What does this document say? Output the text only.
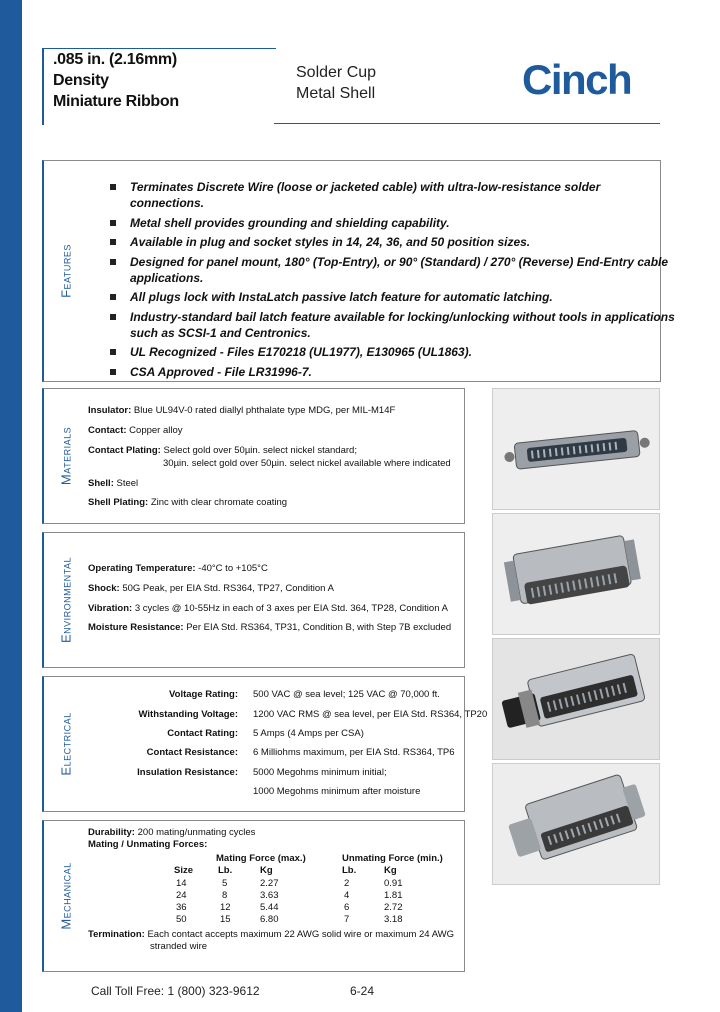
.085 in. (2.16mm)
Density
Miniature Ribbon
Solder Cup
Metal Shell	Cinch
Features
Terminates Discrete Wire (loose or jacketed cable) with ultra-low-resistance solder connections.
Metal shell provides grounding and shielding capability.
Available in plug and socket styles in 14, 24, 36, and 50 position sizes.
Designed for panel mount, 180° (Top-Entry), or 90° (Standard) / 270° (Reverse) End-Entry cable applications.
All plugs lock with InstaLatch passive latch feature for automatic latching.
Industry-standard bail latch feature available for locking/unlocking without tools in applications such as SCSI-1 and Centronics.
UL Recognized - Files E170218 (UL1977), E130965 (UL1863).
CSA Approved - File LR31996-7.
Materials
Insulator: Blue UL94V-0 rated diallyl phthalate type MDG, per MIL-M14F
Contact: Copper alloy
Contact Plating: Select gold over 50µin. select nickel standard;
30µin. select gold over 50µin. select nickel available where indicated
Shell: Steel
Shell Plating: Zinc with clear chromate coating
Environmental Operating Temperature: -40°C to +105°C
Shock: 50G Peak, per EIA Std. RS364, TP27, Condition A
Vibration: 3 cycles @ 10-55Hz in each of 3 axes per EIA Std. 364, TP28, Condition A
Moisture Resistance: Per EIA Std. RS364, TP31, Condition B, with Step 7B excluded
Electrical
Voltage Rating: 500 VAC @ sea level; 125 VAC @ 70,000 ft.
Withstanding Voltage: 1200 VAC RMS @ sea level, per EIA Std. RS364, TP20
Contact Rating: 5 Amps (4 Amps per CSA)
Contact Resistance: 6 Milliohms maximum, per EIA Std. RS364, TP6
Insulation Resistance: 5000 Megohms minimum initial;
1000 Megohms minimum after moisture
Mechanical
Durability: 200 mating/unmating cycles
Mating / Unmating Forces:
Mating Force (max.)	Unmating Force (min.)
Size	Lb.	Kg	Lb.	Kg
14	5	2.27	2	0.91
24	8	3.63	4	1.81
36	12	5.44	6	2.72
50	15	6.80	7	3.18
Termination: Each contact accepts maximum 22 AWG solid wire or maximum 24 AWG
stranded wire
Call Toll Free: 1 (800) 323-9612	6-24
